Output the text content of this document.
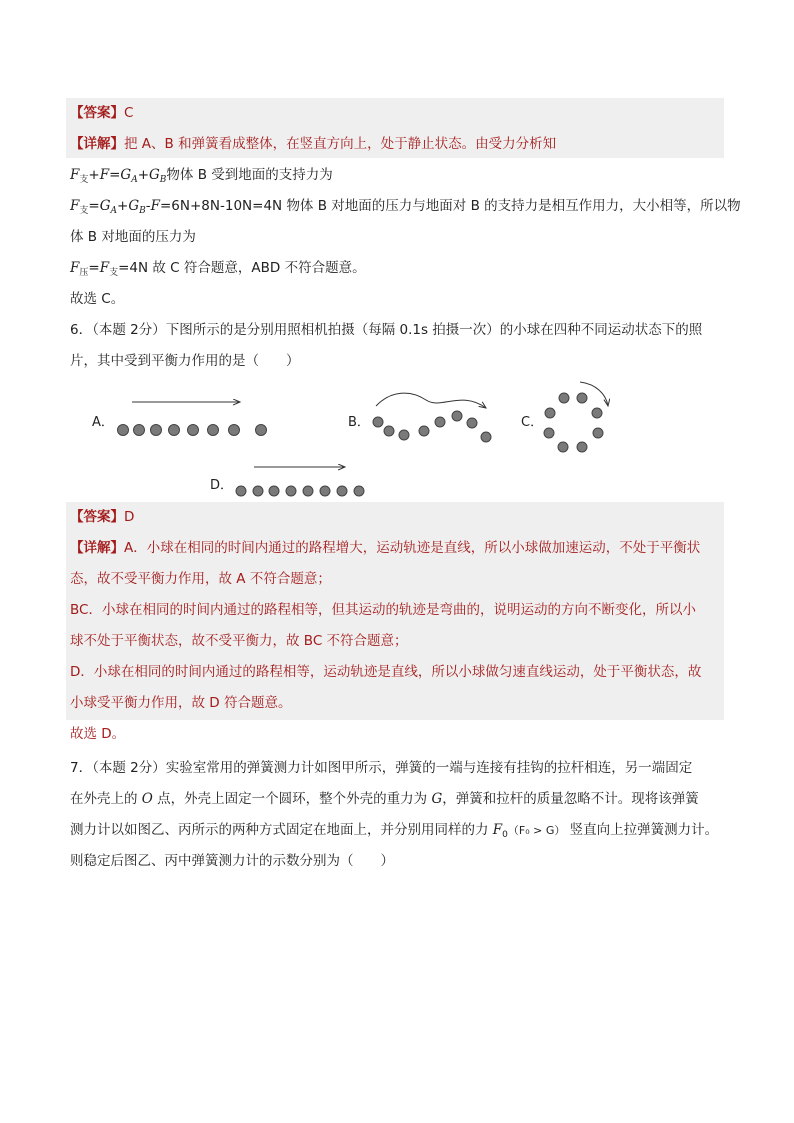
【答案】C
【详解】把 A、B 和弹簧看成整体，在竖直方向上，处于静止状态。由受力分析知
$F_支+F=G_A+G_B$物体 B 受到地面的支持力为
$F_支=G_A+G_B-F=6N+8N-10N=4N$ 物体 B 对地面的压力与地面对 B 的支持力是相互作用力，大小相等，所以物
体 B 对地面的压力为
$F_压=F_支=4N$ 故 C 符合题意，ABD 不符合题意。
故选 C。
6．（本题 2分）下图所示的是分别用照相机拍摄（每隔 0.1s 拍摄一次）的小球在四种不同运动状态下的照
片，其中受到平衡力作用的是（　　）
A．	B．	C．
D．
【答案】D
【详解】A．小球在相同的时间内通过的路程增大，运动轨迹是直线，所以小球做加速运动，不处于平衡状
态，故不受平衡力作用，故 A 不符合题意；
BC．小球在相同的时间内通过的路程相等，但其运动的轨迹是弯曲的，说明运动的方向不断变化，所以小
球不处于平衡状态，故不受平衡力，故 BC 不符合题意；
D．小球在相同的时间内通过的路程相等，运动轨迹是直线，所以小球做匀速直线运动，处于平衡状态，故
小球受平衡力作用，故 D 符合题意。
故选 D。
7．（本题 2分）实验室常用的弹簧测力计如图甲所示，弹簧的一端与连接有挂钩的拉杆相连，另一端固定
在外壳上的 O 点，外壳上固定一个圆环，整个外壳的重力为 G，弹簧和拉杆的质量忽略不计。现将该弹簧
测力计以如图乙、丙所示的两种方式固定在地面上，并分别用同样的力 $F_0(F_0 > G)$ 竖直向上拉弹簧测力计。
则稳定后图乙、丙中弹簧测力计的示数分别为（　　）
